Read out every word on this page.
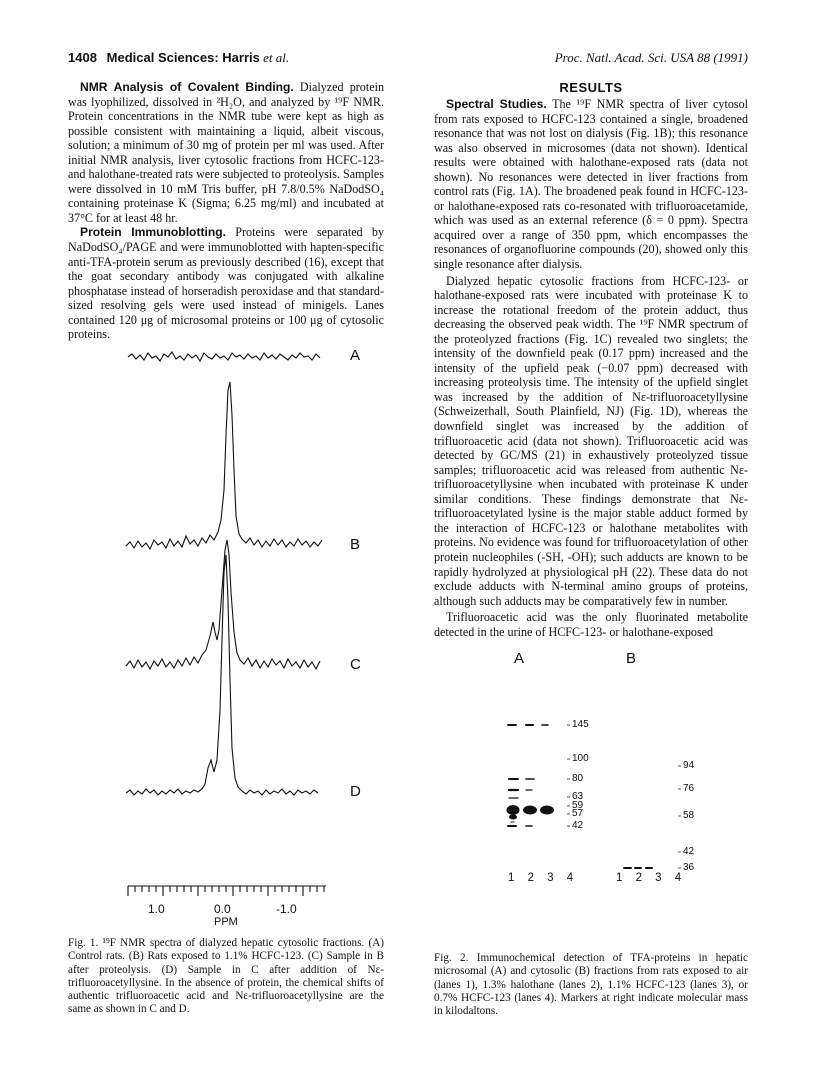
1408 Medical Sciences: Harris et al.	Proc. Natl. Acad. Sci. USA 88 (1991)

NMR Analysis of Covalent Binding. Dialyzed protein was lyophilized, dissolved in ²H₂O, and analyzed by ¹⁹F NMR. Protein concentrations in the NMR tube were kept as high as possible consistent with maintaining a liquid, albeit viscous, solution; a minimum of 30 mg of protein per ml was used. After initial NMR analysis, liver cytosolic fractions from HCFC-123- and halothane-treated rats were subjected to proteolysis. Samples were dissolved in 10 mM Tris buffer, pH 7.8/0.5% NaDodSO₄ containing proteinase K (Sigma; 6.25 mg/ml) and incubated at 37°C for at least 48 hr.

Protein Immunoblotting. Proteins were separated by NaDodSO₄/PAGE and were immunoblotted with hapten-specific anti-TFA-protein serum as previously described (16), except that the goat secondary antibody was conjugated with alkaline phosphatase instead of horseradish peroxidase and that standard-sized resolving gels were used instead of minigels. Lanes contained 120 μg of microsomal proteins or 100 μg of cytosolic proteins.

RESULTS

Spectral Studies. The ¹⁹F NMR spectra of liver cytosol from rats exposed to HCFC-123 contained a single, broadened resonance that was not lost on dialysis (Fig. 1B); this resonance was also observed in microsomes (data not shown). Identical results were obtained with halothane-exposed rats (data not shown). No resonances were detected in liver fractions from control rats (Fig. 1A). The broadened peak found in HCFC-123- or halothane-exposed rats co-resonated with trifluoroacetamide, which was used as an external reference (δ = 0 ppm). Spectra acquired over a range of 350 ppm, which encompasses the resonances of organofluorine compounds (20), showed only this single resonance after dialysis.

Dialyzed hepatic cytosolic fractions from HCFC-123- or halothane-exposed rats were incubated with proteinase K to increase the rotational freedom of the protein adduct, thus decreasing the observed peak width. The ¹⁹F NMR spectrum of the proteolyzed fractions (Fig. 1C) revealed two singlets; the intensity of the downfield peak (0.17 ppm) increased and the intensity of the upfield peak (−0.07 ppm) decreased with increasing proteolysis time. The intensity of the upfield singlet was increased by the addition of Nε-trifluoroacetyllysine (Schweizerhall, South Plainfield, NJ) (Fig. 1D), whereas the downfield singlet was increased by the addition of trifluoroacetic acid (data not shown). Trifluoroacetic acid was detected by GC/MS (21) in exhaustively proteolyzed tissue samples; trifluoroacetic acid was released from authentic Nε-trifluoroacetyllysine when incubated with proteinase K under similar conditions. These findings demonstrate that Nε-trifluoroacetylated lysine is the major stable adduct formed by the interaction of HCFC-123 or halothane metabolites with proteins. No evidence was found for trifluoroacetylation of other protein nucleophiles (-SH, -OH); such adducts are known to be rapidly hydrolyzed at physiological pH (22). These data do not exclude adducts with N-terminal amino groups of proteins, although such adducts may be comparatively few in number.

Trifluoroacetic acid was the only fluorinated metabolite detected in the urine of HCFC-123- or halothane-exposed

A
B
C
D
1.0	0.0	-1.0
PPM
Fig. 1. ¹⁹F NMR spectra of dialyzed hepatic cytosolic fractions. (A) Control rats. (B) Rats exposed to 1.1% HCFC-123. (C) Sample in B after proteolysis. (D) Sample in C after addition of Nε-trifluoroacetyllysine. In the absence of protein, the chemical shifts of authentic trifluoroacetic acid and Nε-trifluoroacetyllysine are the same as shown in C and D.
A	B
145
100
80
63
59
57
42
94
76
58
42
36
1 2 3 4	1 2 3 4
Fig. 2. Immunochemical detection of TFA-proteins in hepatic microsomal (A) and cytosolic (B) fractions from rats exposed to air (lanes 1), 1.3% halothane (lanes 2), 1.1% HCFC-123 (lanes 3), or 0.7% HCFC-123 (lanes 4). Markers at right indicate molecular mass in kilodaltons.
